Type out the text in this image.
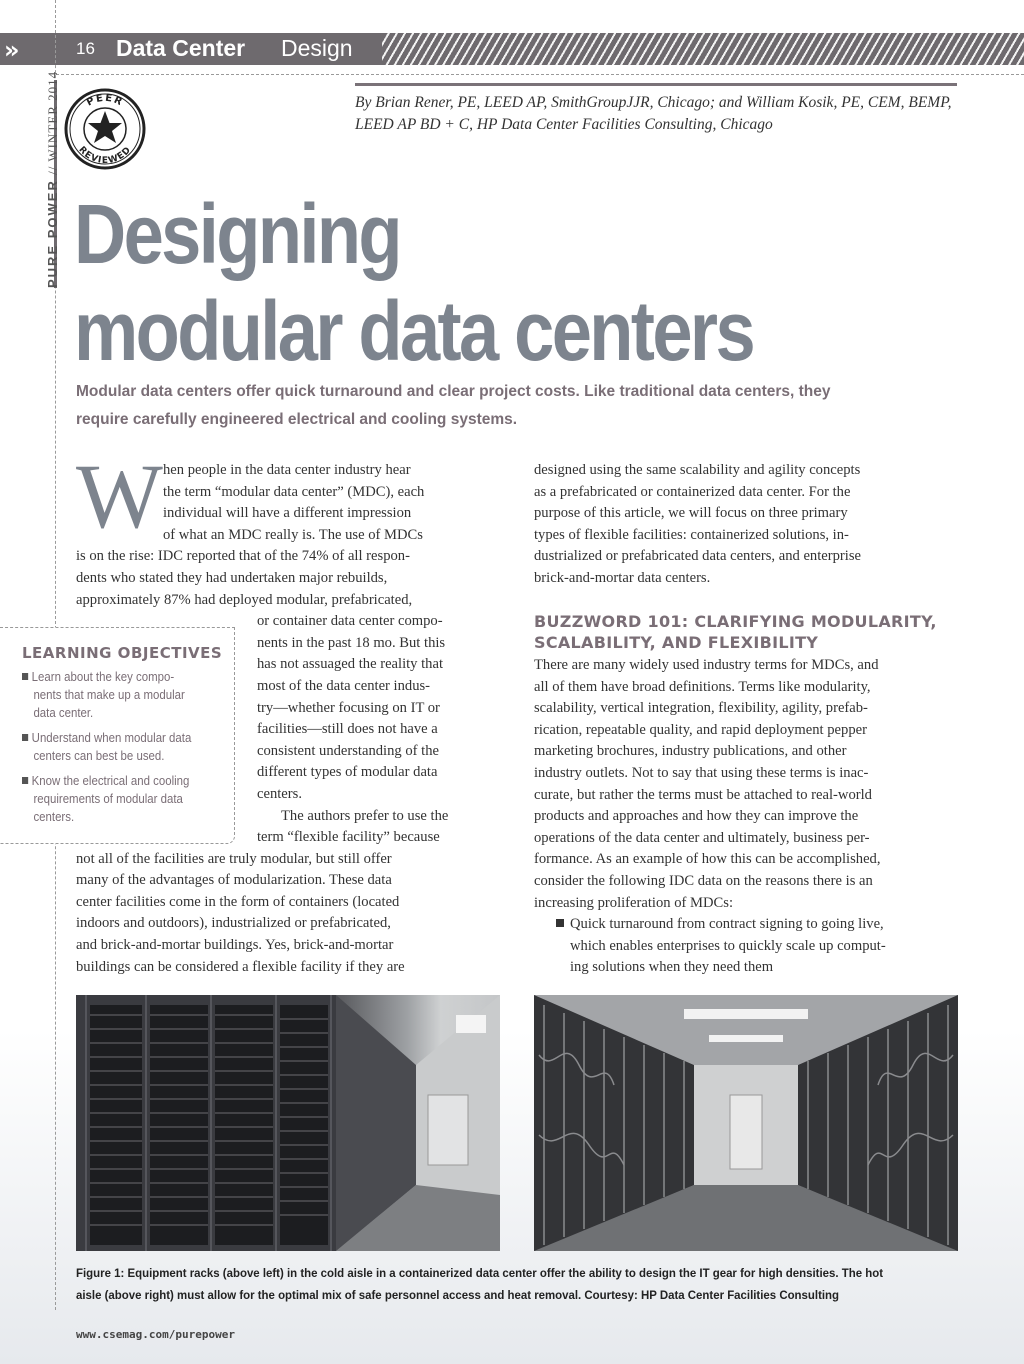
»	16 Data Center Design
PURE POWER // WINTER 2014 PEER
REVIEWED
By Brian Rener, PE, LEED AP, SmithGroupJJR, Chicago; and William Kosik, PE, CEM, BEMP, LEED AP BD + C, HP Data Center Facilities Consulting, Chicago
Designing
modular data centers
Modular data centers offer quick turnaround and clear project costs. Like traditional data centers, they require carefully engineered electrical and cooling systems.
W hen people in the data center industry hear
the term “modular data center” (MDC), each
individual will have a different impression
of what an MDC really is. The use of MDCs
is on the rise: IDC reported that of the 74% of all respon-
dents who stated they had undertaken major rebuilds,
approximately 87% had deployed modular, prefabricated,
or container data center compo-
nents in the past 18 mo. But this
has not assuaged the reality that
most of the data center indus-
try—whether focusing on IT or
facilities—still does not have a
consistent understanding of the
different types of modular data
centers.
The authors prefer to use the
term “flexible facility” because
not all of the facilities are truly modular, but still offer
many of the advantages of modularization. These data
center facilities come in the form of containers (located
indoors and outdoors), industrialized or prefabricated,
and brick-and-mortar buildings. Yes, brick-and-mortar
buildings can be considered a flexible facility if they are
LEARNING OBJECTIVES
Learn about the key compo-
nents that make up a modular
data center.
Understand when modular data
centers can best be used.
Know the electrical and cooling
requirements of modular data
centers.
designed using the same scalability and agility concepts
as a prefabricated or containerized data center. For the
purpose of this article, we will focus on three primary
types of flexible facilities: containerized solutions, in-
dustrialized or prefabricated data centers, and enterprise
brick-and-mortar data centers.
BUZZWORD 101: CLARIFYING MODULARITY,
SCALABILITY, AND FLEXIBILITY
There are many widely used industry terms for MDCs, and
all of them have broad definitions. Terms like modularity,
scalability, vertical integration, flexibility, agility, prefab-
rication, repeatable quality, and rapid deployment pepper
marketing brochures, industry publications, and other
industry outlets. Not to say that using these terms is inac-
curate, but rather the terms must be attached to real-world
products and approaches and how they can improve the
operations of the data center and ultimately, business per-
formance. As an example of how this can be accomplished,
consider the following IDC data on the reasons there is an
increasing proliferation of MDCs:
Quick turnaround from contract signing to going live,
which enables enterprises to quickly scale up comput-
ing solutions when they need them
Figure 1: Equipment racks (above left) in the cold aisle in a containerized data center offer the ability to design the IT gear for high densities. The hot aisle (above right) must allow for the optimal mix of safe personnel access and heat removal. Courtesy: HP Data Center Facilities Consulting
www.csemag.com/purepower
